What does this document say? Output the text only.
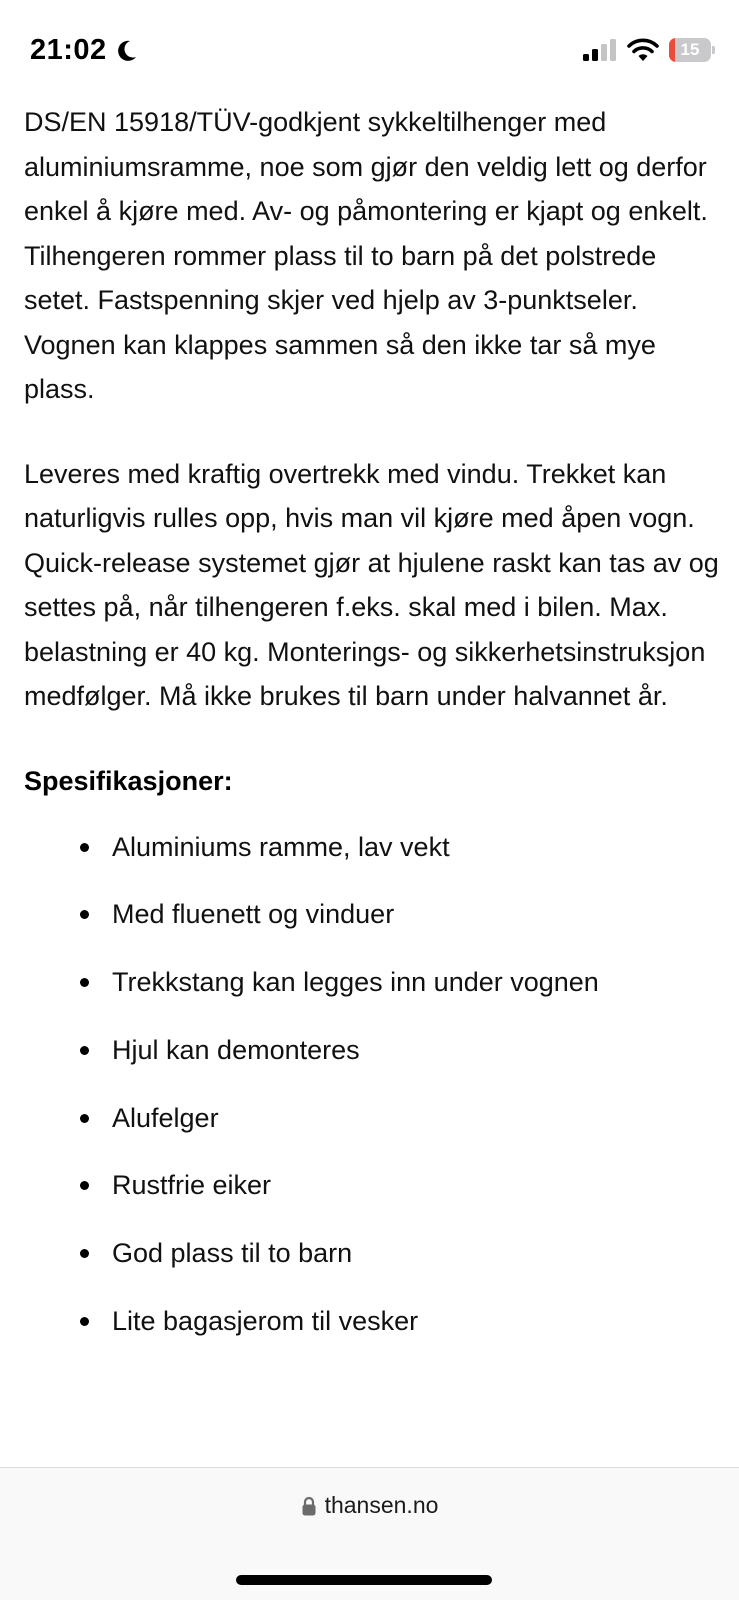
21:02	15

DS/EN 15918/TÜV-godkjent sykkeltilhenger med aluminiumsramme, noe som gjør den veldig lett og derfor enkel å kjøre med. Av- og påmontering er kjapt og enkelt. Tilhengeren rommer plass til to barn på det polstrede setet. Fastspenning skjer ved hjelp av 3-punktseler. Vognen kan klappes sammen så den ikke tar så mye plass.

Leveres med kraftig overtrekk med vindu. Trekket kan naturligvis rulles opp, hvis man vil kjøre med åpen vogn. Quick-release systemet gjør at hjulene raskt kan tas av og settes på, når tilhengeren f.eks. skal med i bilen. Max. belastning er 40 kg. Monterings- og sikkerhetsinstruksjon medfølger. Må ikke brukes til barn under halvannet år.

Spesifikasjoner:
Aluminiums ramme, lav vekt
Med fluenett og vinduer
Trekkstang kan legges inn under vognen
Hjul kan demonteres
Alufelger
Rustfrie eiker
God plass til to barn
Lite bagasjerom til vesker
thansen.no
